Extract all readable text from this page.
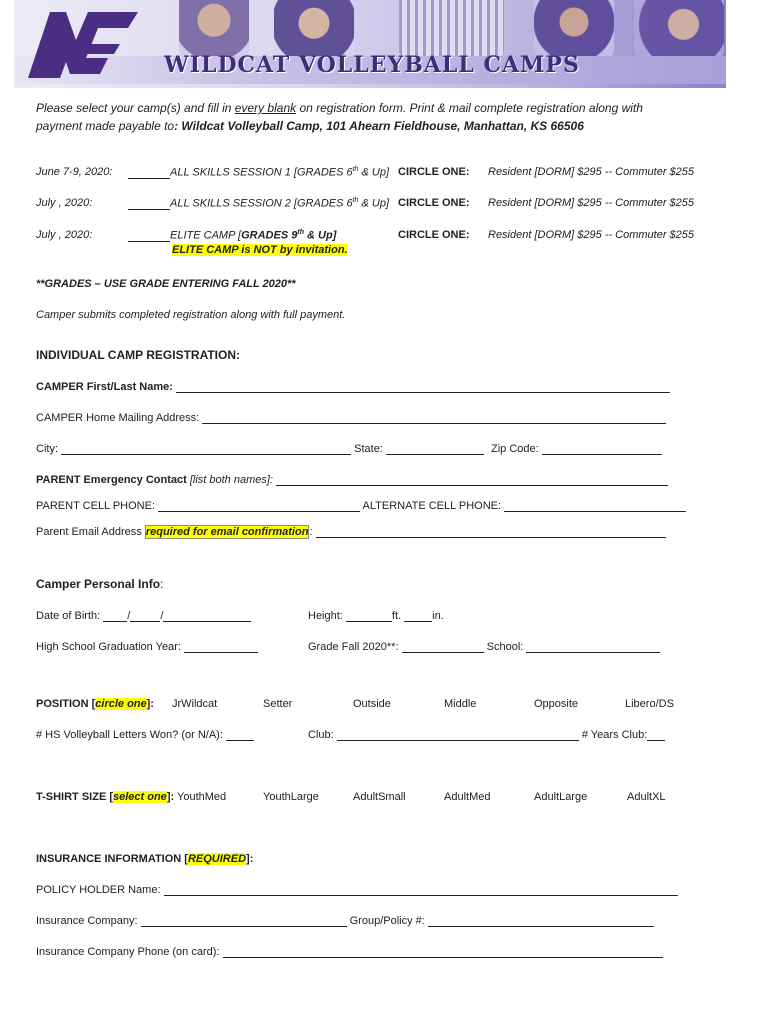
WILDCAT VOLLEYBALL CAMPS
Please select your camp(s) and fill in every blank on registration form. Print & mail complete registration along with
payment made payable to: Wildcat Volleyball Camp, 101 Ahearn Fieldhouse, Manhattan, KS 66506
June 7-9, 2020:	ALL SKILLS SESSION 1 [GRADES 6th & Up] CIRCLE ONE: Resident [DORM] $295 -- Commuter $255
July , 2020:	ALL SKILLS SESSION 2 [GRADES 6th & Up] CIRCLE ONE: Resident [DORM] $295 -- Commuter $255
July , 2020:	ELITE CAMP [GRADES 9th & Up]
ELITE CAMP is NOT by invitation.
CIRCLE ONE: Resident [DORM] $295 -- Commuter $255
**GRADES – USE GRADE ENTERING FALL 2020**
Camper submits completed registration along with full payment.
INDIVIDUAL CAMP REGISTRATION:
CAMPER First/Last Name:
CAMPER Home Mailing Address:
City:	State:	Zip Code:
PARENT Emergency Contact [list both names]:
PARENT CELL PHONE:	ALTERNATE CELL PHONE:
Parent Email Address required for email confirmation:
Camper Personal Info:
Date of Birth: /	/	Height:	ft.	in.
High School Graduation Year:	Grade Fall 2020**:	School:
POSITION [circle one]: JrWildcat	Setter	Outside	Middle	Opposite	Libero/DS
# HS Volleyball Letters Won? (or N/A):	Club:	# Years Club:
T-SHIRT SIZE [select one]: YouthMed	YouthLarge	AdultSmall	AdultMed	AdultLarge	AdultXL
INSURANCE INFORMATION [REQUIRED]:
POLICY HOLDER Name:
Insurance Company:	Group/Policy #:
Insurance Company Phone (on card):
